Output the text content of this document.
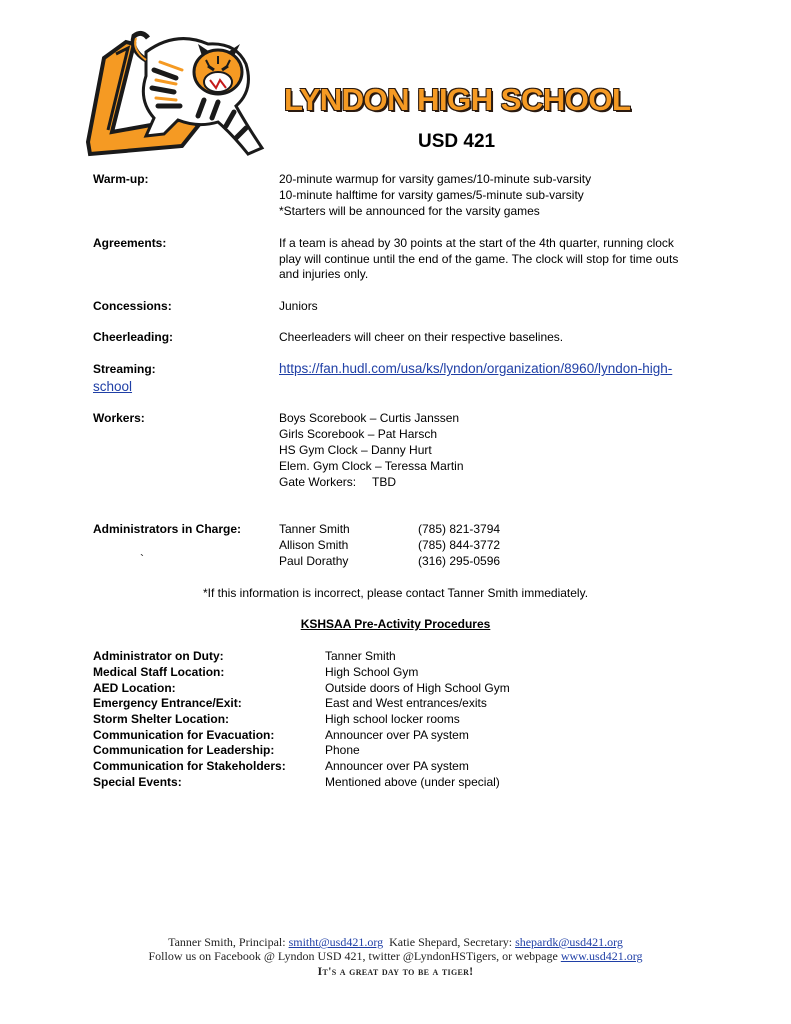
LYNDON HIGH SCHOOL
USD 421
Warm-up:	20-minute warmup for varsity games/10-minute sub-varsity
10-minute halftime for varsity games/5-minute sub-varsity
*Starters will be announced for the varsity games
Agreements:	If a team is ahead by 30 points at the start of the 4th quarter, running clock
play will continue until the end of the game. The clock will stop for time outs
and injuries only.
Concessions:	Juniors
Cheerleading:	Cheerleaders will cheer on their respective baselines.
Streaming:	https://fan.hudl.com/usa/ks/lyndon/organization/8960/lyndon-high-
school
Workers:	Boys Scorebook – Curtis Janssen
Girls Scorebook – Pat Harsch
HS Gym Clock – Danny Hurt
Elem. Gym Clock – Teressa Martin
Gate Workers: TBD
Administrators in Charge:
`
Tanner Smith	(785) 821-3794
Allison Smith	(785) 844-3772
Paul Dorathy	(316) 295-0596
*If this information is incorrect, please contact Tanner Smith immediately.
KSHSAA Pre-Activity Procedures
Administrator on Duty:	Tanner Smith
Medical Staff Location:	High School Gym
AED Location:	Outside doors of High School Gym
Emergency Entrance/Exit:	East and West entrances/exits
Storm Shelter Location:	High school locker rooms
Communication for Evacuation:	Announcer over PA system
Communication for Leadership:	Phone
Communication for Stakeholders:	Announcer over PA system
Special Events:	Mentioned above (under special)
Tanner Smith, Principal: smitht@usd421.org Katie Shepard, Secretary: shepardk@usd421.org
Follow us on Facebook @ Lyndon USD 421, twitter @LyndonHSTigers, or webpage www.usd421.org
It's a great day to be a tiger!
